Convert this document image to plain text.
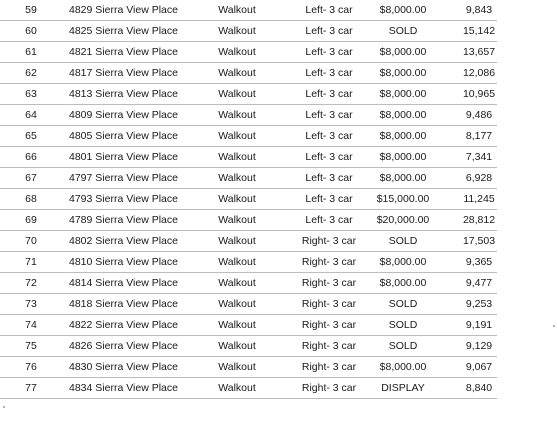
59	4829 Sierra View Place	Walkout	Left- 3 car	$8,000.00	9,843
60	4825 Sierra View Place	Walkout	Left- 3 car	SOLD	15,142
61	4821 Sierra View Place	Walkout	Left- 3 car	$8,000.00	13,657
62	4817 Sierra View Place	Walkout	Left- 3 car	$8,000.00	12,086
63	4813 Sierra View Place	Walkout	Left- 3 car	$8,000.00	10,965
64	4809 Sierra View Place	Walkout	Left- 3 car	$8,000.00	9,486
65	4805 Sierra View Place	Walkout	Left- 3 car	$8,000.00	8,177
66	4801 Sierra View Place	Walkout	Left- 3 car	$8,000.00	7,341
67	4797 Sierra View Place	Walkout	Left- 3 car	$8,000.00	6,928
68	4793 Sierra View Place	Walkout	Left- 3 car	$15,000.00	11,245
69	4789 Sierra View Place	Walkout	Left- 3 car	$20,000.00	28,812
70	4802 Sierra View Place	Walkout	Right- 3 car	SOLD	17,503
71	4810 Sierra View Place	Walkout	Right- 3 car	$8,000.00	9,365
72	4814 Sierra View Place	Walkout	Right- 3 car	$8,000.00	9,477
73	4818 Sierra View Place	Walkout	Right- 3 car	SOLD	9,253
74	4822 Sierra View Place	Walkout	Right- 3 car	SOLD	9,191
75	4826 Sierra View Place	Walkout	Right- 3 car	SOLD	9,129
76	4830 Sierra View Place	Walkout	Right- 3 car	$8,000.00	9,067
77	4834 Sierra View Place	Walkout	Right- 3 car	DISPLAY	8,840
